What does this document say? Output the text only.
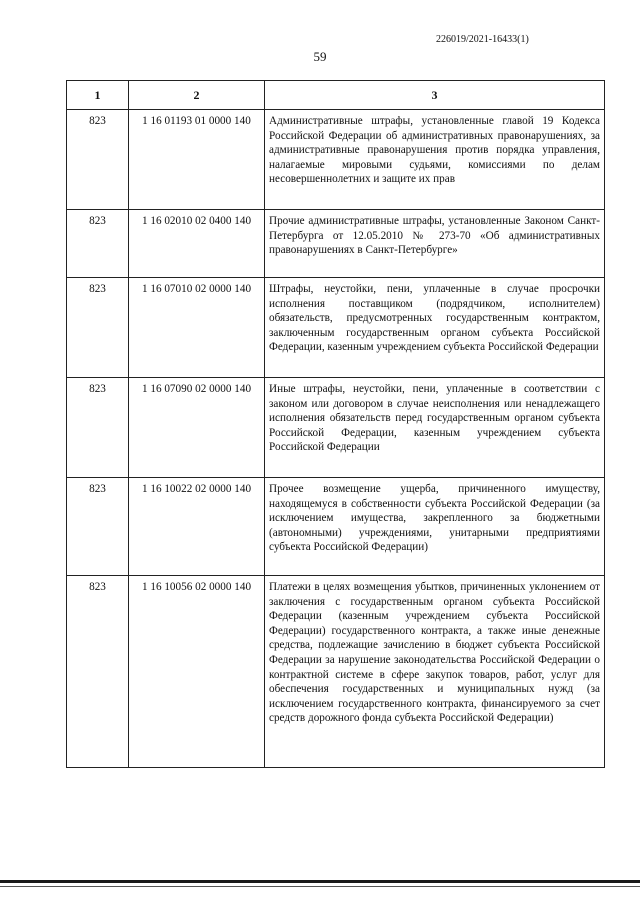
226019/2021-16433(1)
59
1	2	3
823	1 16 01193 01 0000 140	Административные штрафы, установленные главой 19 Кодекса Российской Федерации об административных правонарушениях, за административные правонарушения против порядка управления, налагаемые мировыми судьями, комиссиями по делам несовершеннолетних и защите их прав
823	1 16 02010 02 0400 140	Прочие административные штрафы, установленные Законом Санкт-Петербурга от 12.05.2010 № 273-70 «Об административных правонарушениях в Санкт-Петербурге»
823	1 16 07010 02 0000 140	Штрафы, неустойки, пени, уплаченные в случае просрочки исполнения поставщиком (подрядчиком, исполнителем) обязательств, предусмотренных государственным контрактом, заключенным государственным органом субъекта Российской Федерации, казенным учреждением субъекта Российской Федерации
823	1 16 07090 02 0000 140	Иные штрафы, неустойки, пени, уплаченные в соответствии с законом или договором в случае неисполнения или ненадлежащего исполнения обязательств перед государственным органом субъекта Российской Федерации, казенным учреждением субъекта Российской Федерации
823	1 16 10022 02 0000 140	Прочее возмещение ущерба, причиненного имуществу, находящемуся в собственности субъекта Российской Федерации (за исключением имущества, закрепленного за бюджетными (автономными) учреждениями, унитарными предприятиями субъекта Российской Федерации)
823	1 16 10056 02 0000 140	Платежи в целях возмещения убытков, причиненных уклонением от заключения с государственным органом субъекта Российской Федерации (казенным учреждением субъекта Российской Федерации) государственного контракта, а также иные денежные средства, подлежащие зачислению в бюджет субъекта Российской Федерации за нарушение законодательства Российской Федерации о контрактной системе в сфере закупок товаров, работ, услуг для обеспечения государственных и муниципальных нужд (за исключением государственного контракта, финансируемого за счет средств дорожного фонда субъекта Российской Федерации)
